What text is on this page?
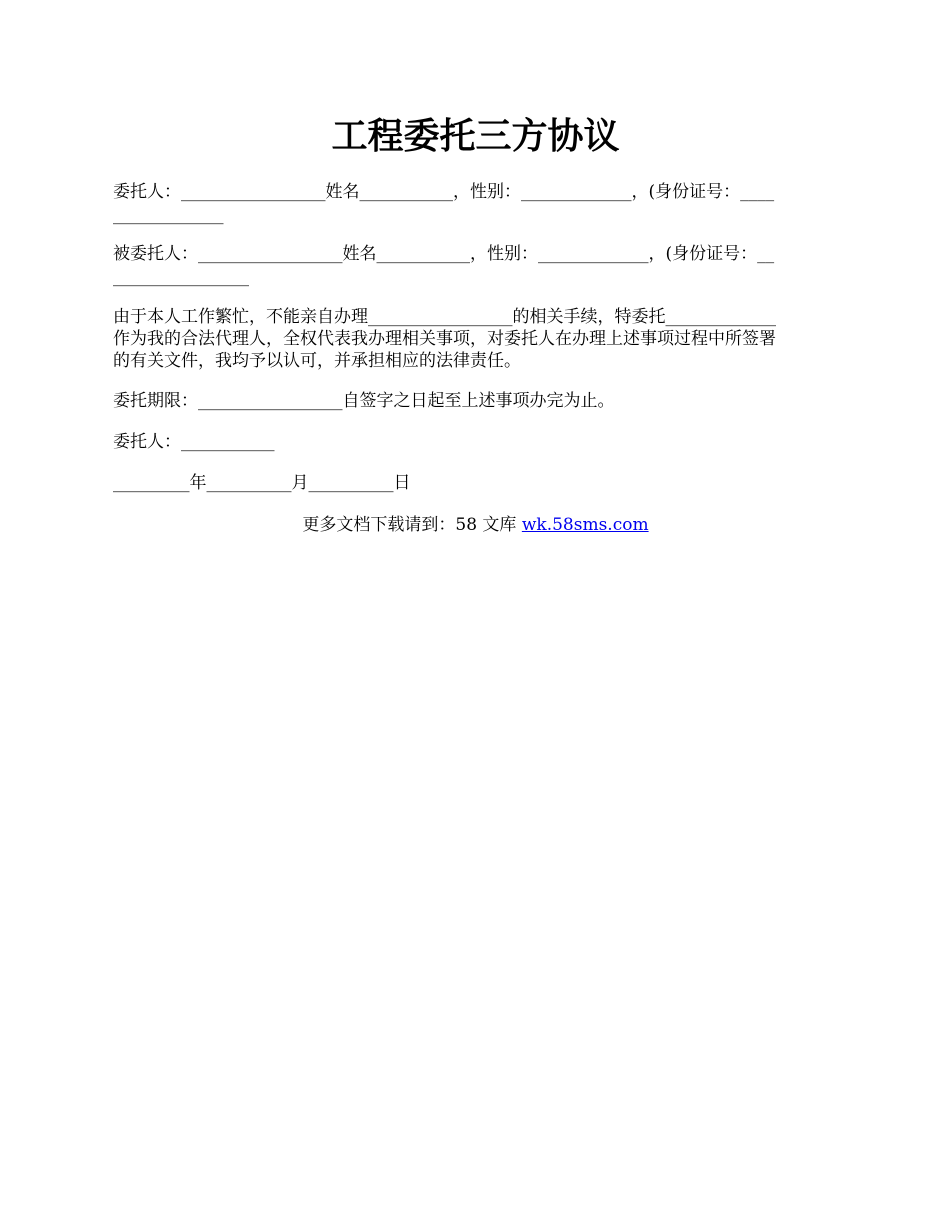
工程委托三方协议
委托人：_________________姓名___________，性别：_____________，(身份证号：____
_____________
被委托人：_________________姓名___________，性别：_____________，(身份证号：__
________________
由于本人工作繁忙，不能亲自办理_________________的相关手续，特委托_____________
作为我的合法代理人，全权代表我办理相关事项，对委托人在办理上述事项过程中所签署
的有关文件，我均予以认可，并承担相应的法律责任。
委托期限：_________________自签字之日起至上述事项办完为止。
委托人：___________
_________年__________月__________日
更多文档下载请到：58 文库 wk.58sms.com
